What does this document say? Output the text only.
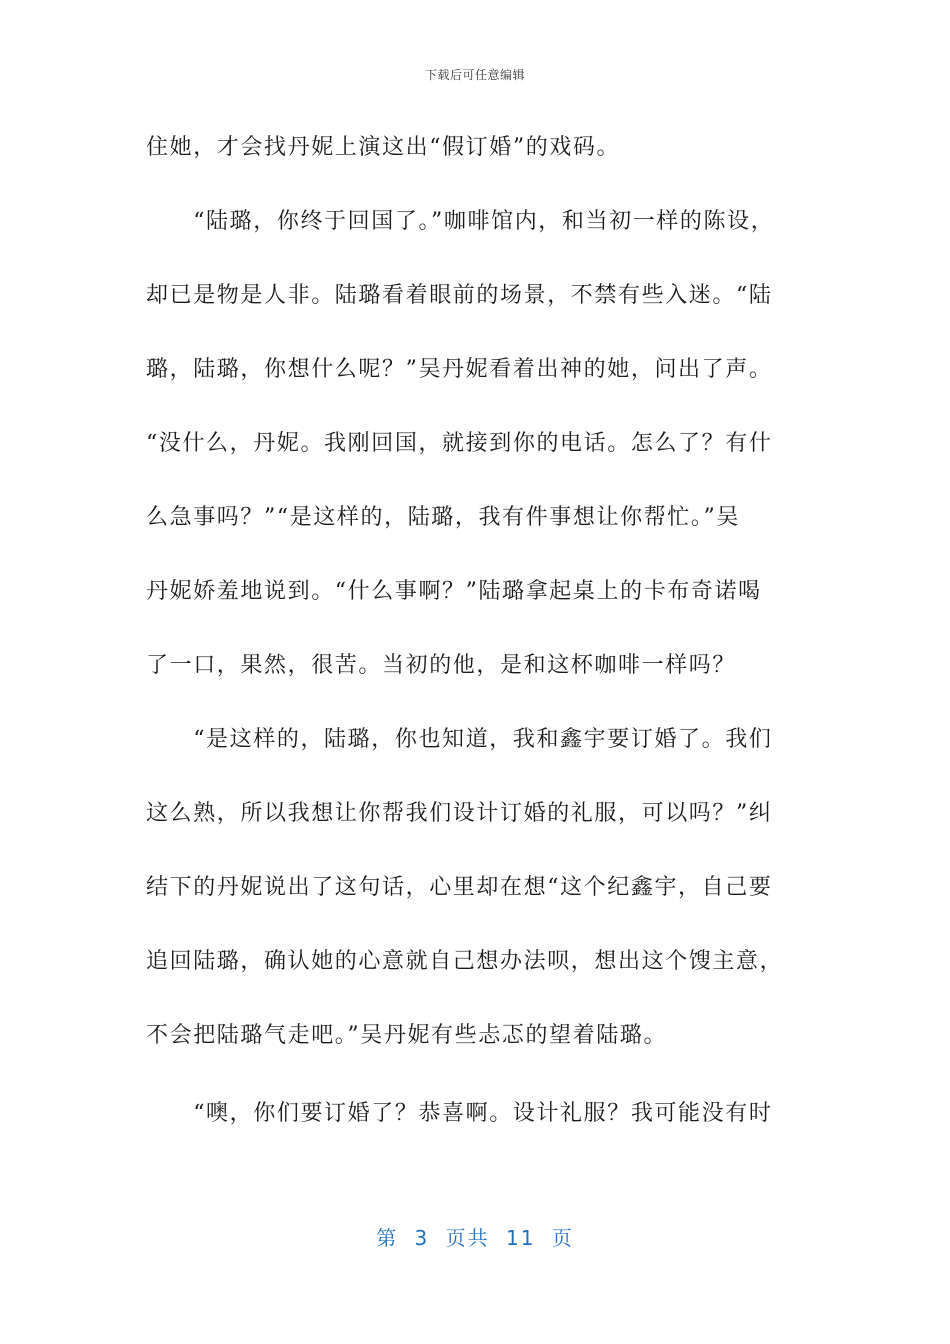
下载后可任意编辑
住她，才会找丹妮上演这出“假订婚”的戏码。
　　“陆璐，你终于回国了。”咖啡馆内，和当初一样的陈设，
却已是物是人非。陆璐看着眼前的场景，不禁有些入迷。“陆
璐，陆璐，你想什么呢？”吴丹妮看着出神的她，问出了声。
“没什么，丹妮。我刚回国，就接到你的电话。怎么了？有什
么急事吗？”“是这样的，陆璐，我有件事想让你帮忙。”吴
丹妮娇羞地说到。“什么事啊？”陆璐拿起桌上的卡布奇诺喝
了一口，果然，很苦。当初的他，是和这杯咖啡一样吗？
　　“是这样的，陆璐，你也知道，我和鑫宇要订婚了。我们
这么熟，所以我想让你帮我们设计订婚的礼服，可以吗？”纠
结下的丹妮说出了这句话，心里却在想“这个纪鑫宇，自己要
追回陆璐，确认她的心意就自己想办法呗，想出这个馊主意，
不会把陆璐气走吧。”吴丹妮有些忐忑的望着陆璐。
　　“噢，你们要订婚了？恭喜啊。设计礼服？我可能没有时
第 3 页共 11 页
